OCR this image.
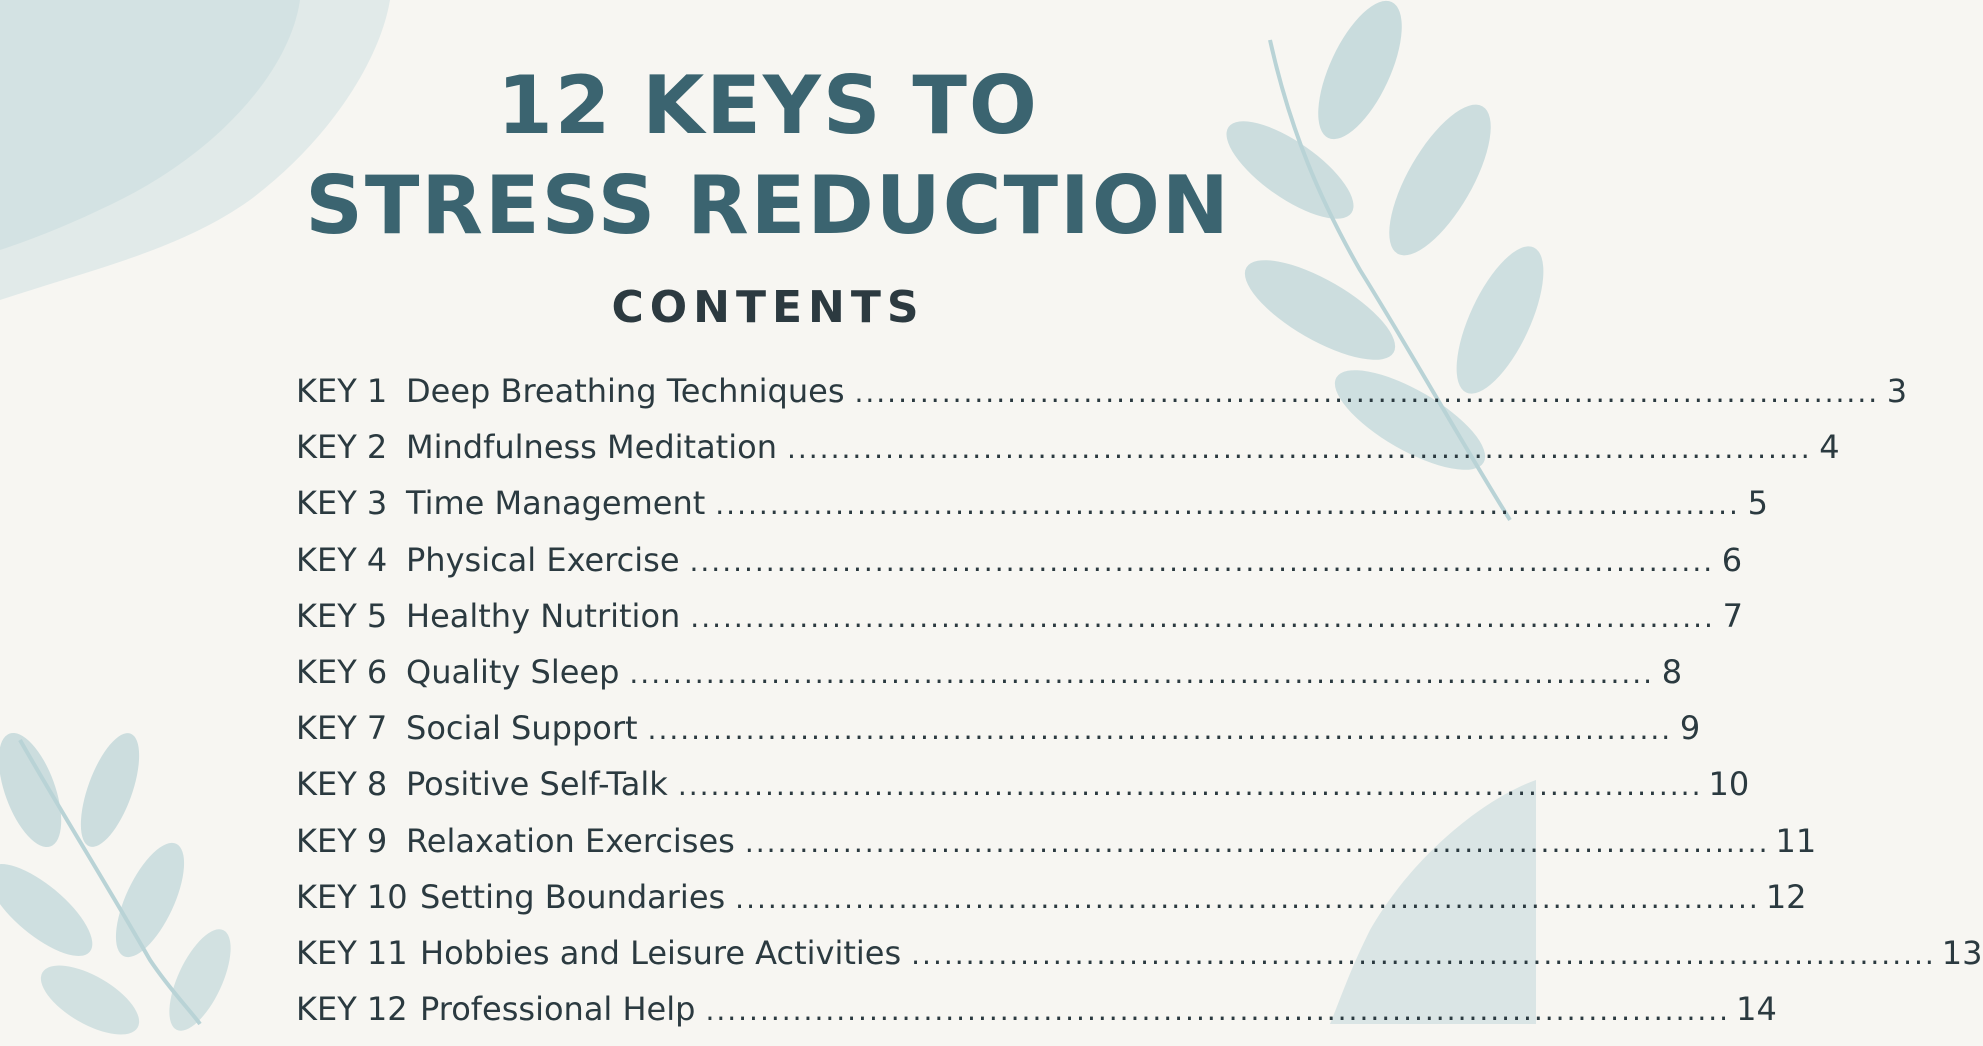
12 KEYS TO
STRESS REDUCTION
CONTENTS
KEY 1 Deep Breathing Techniques .............................................................................................. 3
KEY 2 Mindfulness Meditation .............................................................................................. 4
KEY 3 Time Management .............................................................................................. 5
KEY 4 Physical Exercise .............................................................................................. 6
KEY 5 Healthy Nutrition .............................................................................................. 7
KEY 6 Quality Sleep .............................................................................................. 8
KEY 7 Social Support .............................................................................................. 9
KEY 8 Positive Self-Talk .............................................................................................. 10
KEY 9 Relaxation Exercises .............................................................................................. 11
KEY 10 Setting Boundaries .............................................................................................. 12
KEY 11 Hobbies and Leisure Activities .............................................................................................. 13
KEY 12 Professional Help .............................................................................................. 14
